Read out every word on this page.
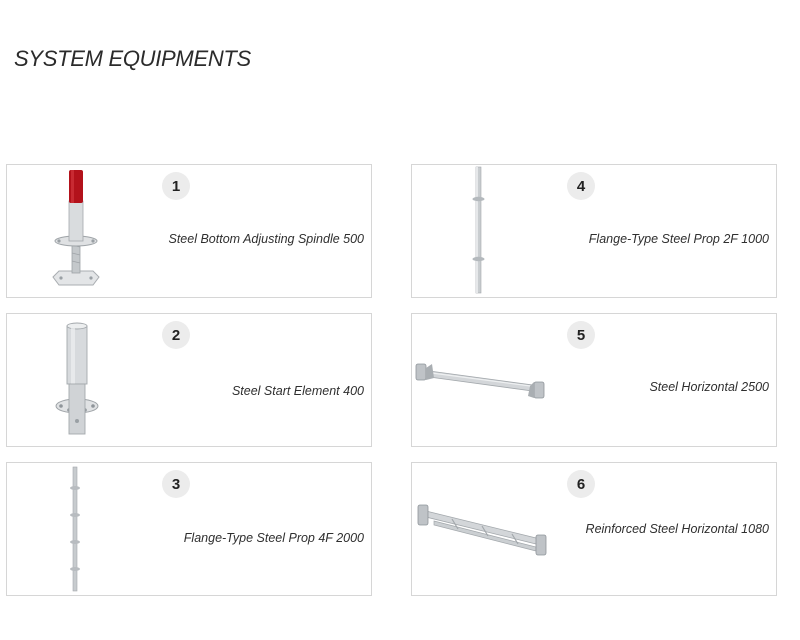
SYSTEM EQUIPMENTS
1
Steel Bottom Adjusting Spindle 500
2
Steel Start Element 400
3
Flange-Type Steel Prop 4F 2000
4
Flange-Type Steel Prop 2F 1000
5
Steel Horizontal 2500
6
Reinforced Steel Horizontal 1080
